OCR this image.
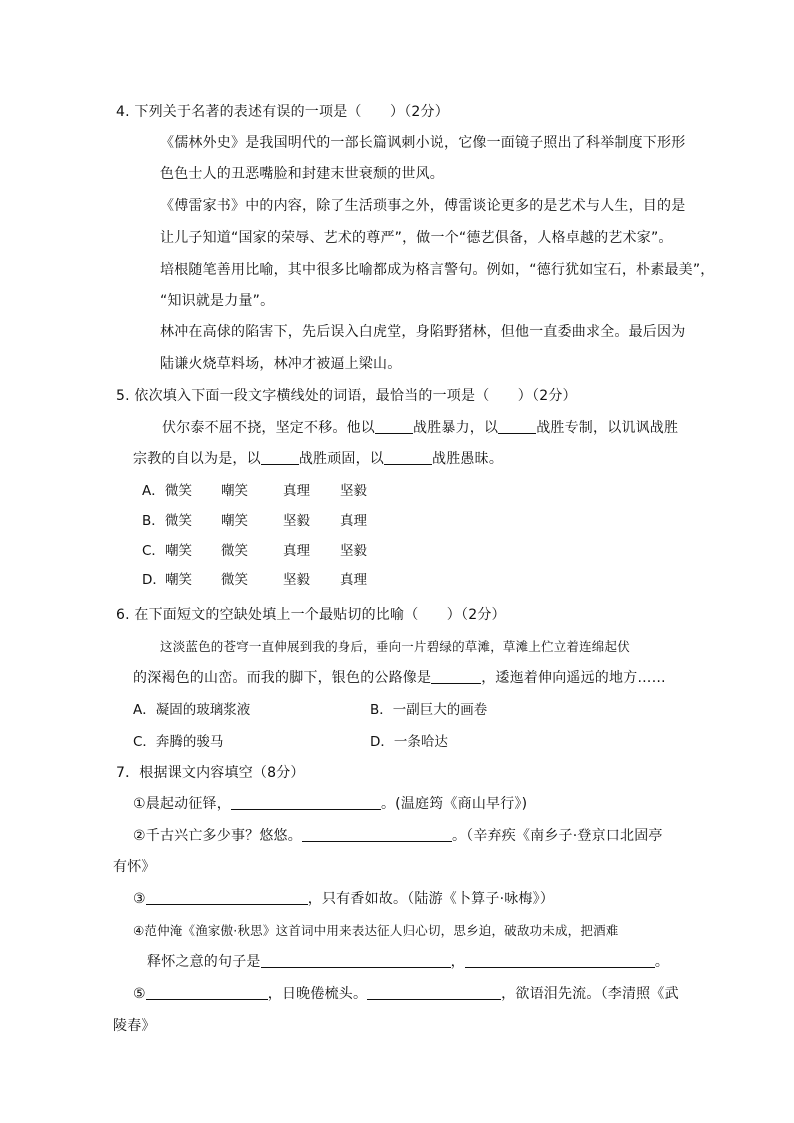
4. 下列关于名著的表述有误的一项是（　　）（2分）
《儒林外史》是我国明代的一部长篇讽刺小说，它像一面镜子照出了科举制度下形形
色色士人的丑恶嘴脸和封建末世衰颓的世风。
《傅雷家书》中的内容，除了生活琐事之外，傅雷谈论更多的是艺术与人生，目的是
让儿子知道“国家的荣辱、艺术的尊严”，做一个“德艺俱备，人格卓越的艺术家”。
培根随笔善用比喻，其中很多比喻都成为格言警句。例如，“德行犹如宝石，朴素最美”，
“知识就是力量”。
林冲在高俅的陷害下，先后误入白虎堂，身陷野猪林，但他一直委曲求全。最后因为
陆谦火烧草料场，林冲才被逼上梁山。
5. 依次填入下面一段文字横线处的词语，最恰当的一项是（　　）（2分）
伏尔泰不屈不挠，坚定不移。他以	战胜暴力，以	战胜专制，以讥讽战胜
宗教的自以为是，以	战胜顽固，以	战胜愚昧。
A． 微笑 嘲笑	真理 坚毅
B． 微笑 嘲笑	坚毅 真理
C． 嘲笑 微笑	真理 坚毅
D． 嘲笑 微笑	坚毅 真理
6. 在下面短文的空缺处填上一个最贴切的比喻（　　）（2分）
这淡蓝色的苍穹一直伸展到我的身后，垂向一片碧绿的草滩，草滩上伫立着连绵起伏
的深褐色的山峦。而我的脚下，银色的公路像是	，逶迤着伸向遥远的地方……
A．凝固的玻璃浆液	B．一副巨大的画卷
C．奔腾的骏马	D．一条哈达
7．根据课文内容填空（8分）
①晨起动征铎，	。(温庭筠《商山早行》)
②千古兴亡多少事？悠悠。	。（辛弃疾《南乡子·登京口北固亭
有怀》
③	，只有香如故。（陆游《卜算子·咏梅》）
④范仲淹《渔家傲·秋思》这首词中用来表达征人归心切，思乡迫，破敌功未成，把酒难
释怀之意的句子是	，	。
⑤	，日晚倦梳头。	，欲语泪先流。（李清照《武
陵春》
